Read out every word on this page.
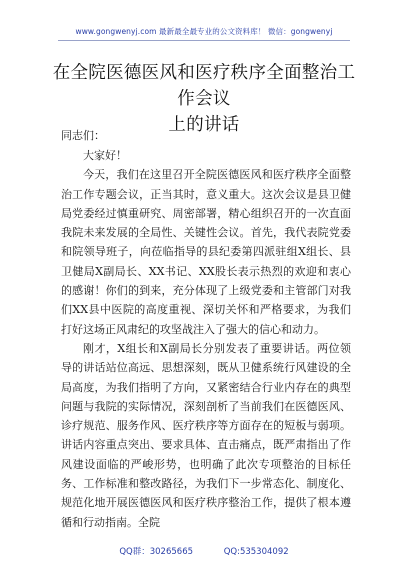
www.gongwenyj.com 最新最全最专业的公文资料库！ 微信：gongwenyj
在全院医德医风和医疗秩序全面整治工作会议
上的讲话
同志们：

大家好！

今天，我们在这里召开全院医德医风和医疗秩序全面整治工作专题会议，正当其时，意义重大。这次会议是县卫健局党委经过慎重研究、周密部署，精心组织召开的一次直面我院未来发展的全局性、关键性会议。首先，我代表院党委和院领导班子，向莅临指导的县纪委第四派驻组X组长、县卫健局X副局长、XX书记、XX股长表示热烈的欢迎和衷心的感谢！你们的到来，充分体现了上级党委和主管部门对我们XX县中医院的高度重视、深切关怀和严格要求，为我们打好这场正风肃纪的攻坚战注入了强大的信心和动力。

刚才，X组长和X副局长分别发表了重要讲话。两位领导的讲话站位高远、思想深刻，既从卫健系统行风建设的全局高度，为我们指明了方向，又紧密结合行业内存在的典型问题与我院的实际情况，深刻剖析了当前我们在医德医风、诊疗规范、服务作风、医疗秩序等方面存在的短板与弱项。讲话内容重点突出、要求具体、直击痛点，既严肃指出了作风建设面临的严峻形势，也明确了此次专项整治的目标任务、工作标准和整改路径，为我们下一步常态化、制度化、规范化地开展医德医风和医疗秩序整治工作，提供了根本遵循和行动指南。全院

QQ群：30265665	QQ:535304092
